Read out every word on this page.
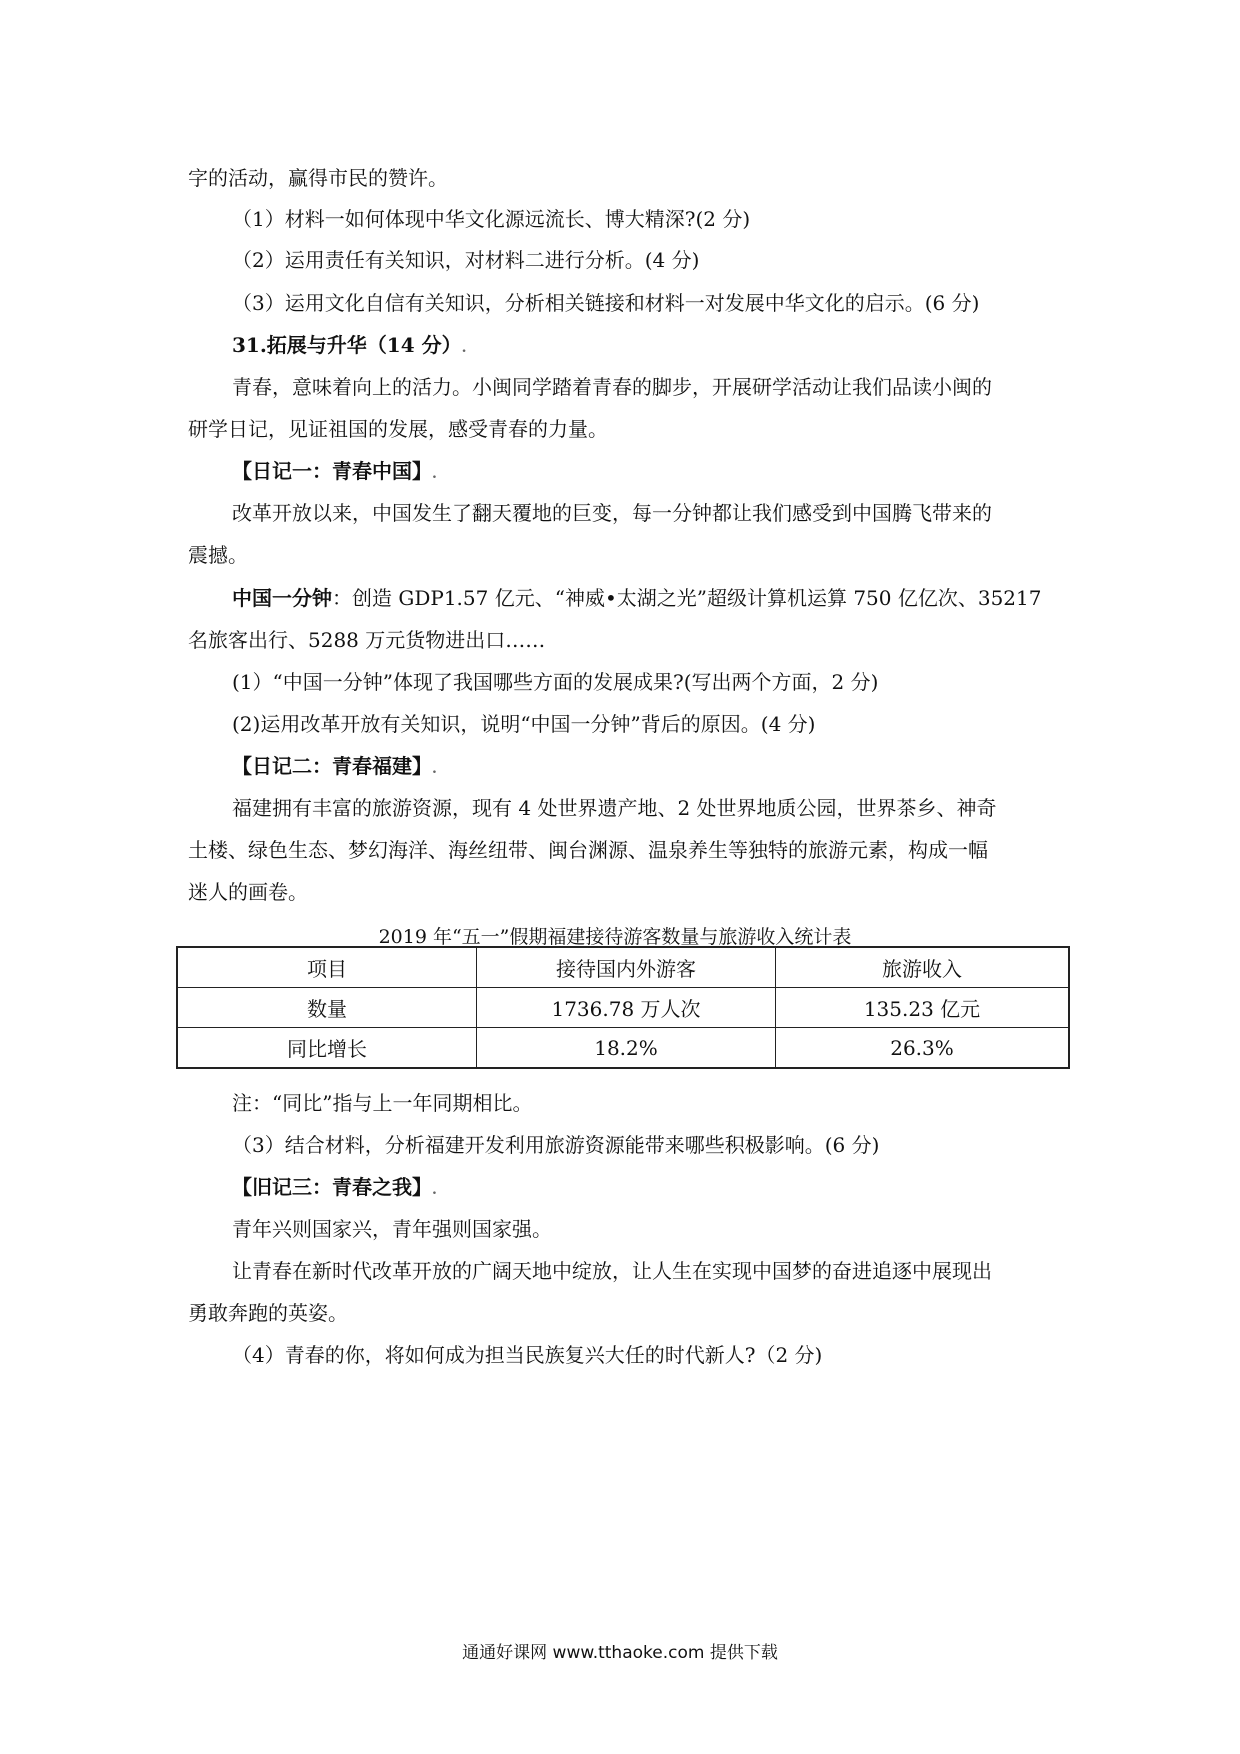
字的活动，赢得市民的赞许。
（1）材料一如何体现中华文化源远流长、博大精深?(2 分)
（2）运用责任有关知识，对材料二进行分析。(4 分)
（3）运用文化自信有关知识，分析相关链接和材料一对发展中华文化的启示。(6 分)
31.拓展与升华（14 分）.
青春，意味着向上的活力。小闽同学踏着青春的脚步，开展研学活动让我们品读小闽的
研学日记，见证祖国的发展，感受青春的力量。
【日记一：青春中国】.
改革开放以来，中国发生了翻天覆地的巨变，每一分钟都让我们感受到中国腾飞带来的
震撼。
中国一分钟：创造 GDP1.57 亿元、“神威•太湖之光”超级计算机运算 750 亿亿次、35217
名旅客出行、5288 万元货物进出口……
(1）“中国一分钟”体现了我国哪些方面的发展成果?(写出两个方面，2 分)
(2)运用改革开放有关知识，说明“中国一分钟”背后的原因。(4 分)
【日记二：青春福建】.
福建拥有丰富的旅游资源，现有 4 处世界遗产地、2 处世界地质公园，世界茶乡、神奇
土楼、绿色生态、梦幻海洋、海丝纽带、闽台渊源、温泉养生等独特的旅游元素，构成一幅
迷人的画卷。
2019 年“五一”假期福建接待游客数量与旅游收入统计表
项目	接待国内外游客	旅游收入
数量	1736.78 万人次	135.23 亿元
同比增长	18.2%	26.3%
注：“同比”指与上一年同期相比。
（3）结合材料，分析福建开发利用旅游资源能带来哪些积极影响。(6 分)
【旧记三：青春之我】.
青年兴则国家兴，青年强则国家强。
让青春在新时代改革开放的广阔天地中绽放，让人生在实现中国梦的奋进追逐中展现出
勇敢奔跑的英姿。
（4）青春的你，将如何成为担当民族复兴大任的时代新人?（2 分)
通通好课网 www.tthaoke.com 提供下载
